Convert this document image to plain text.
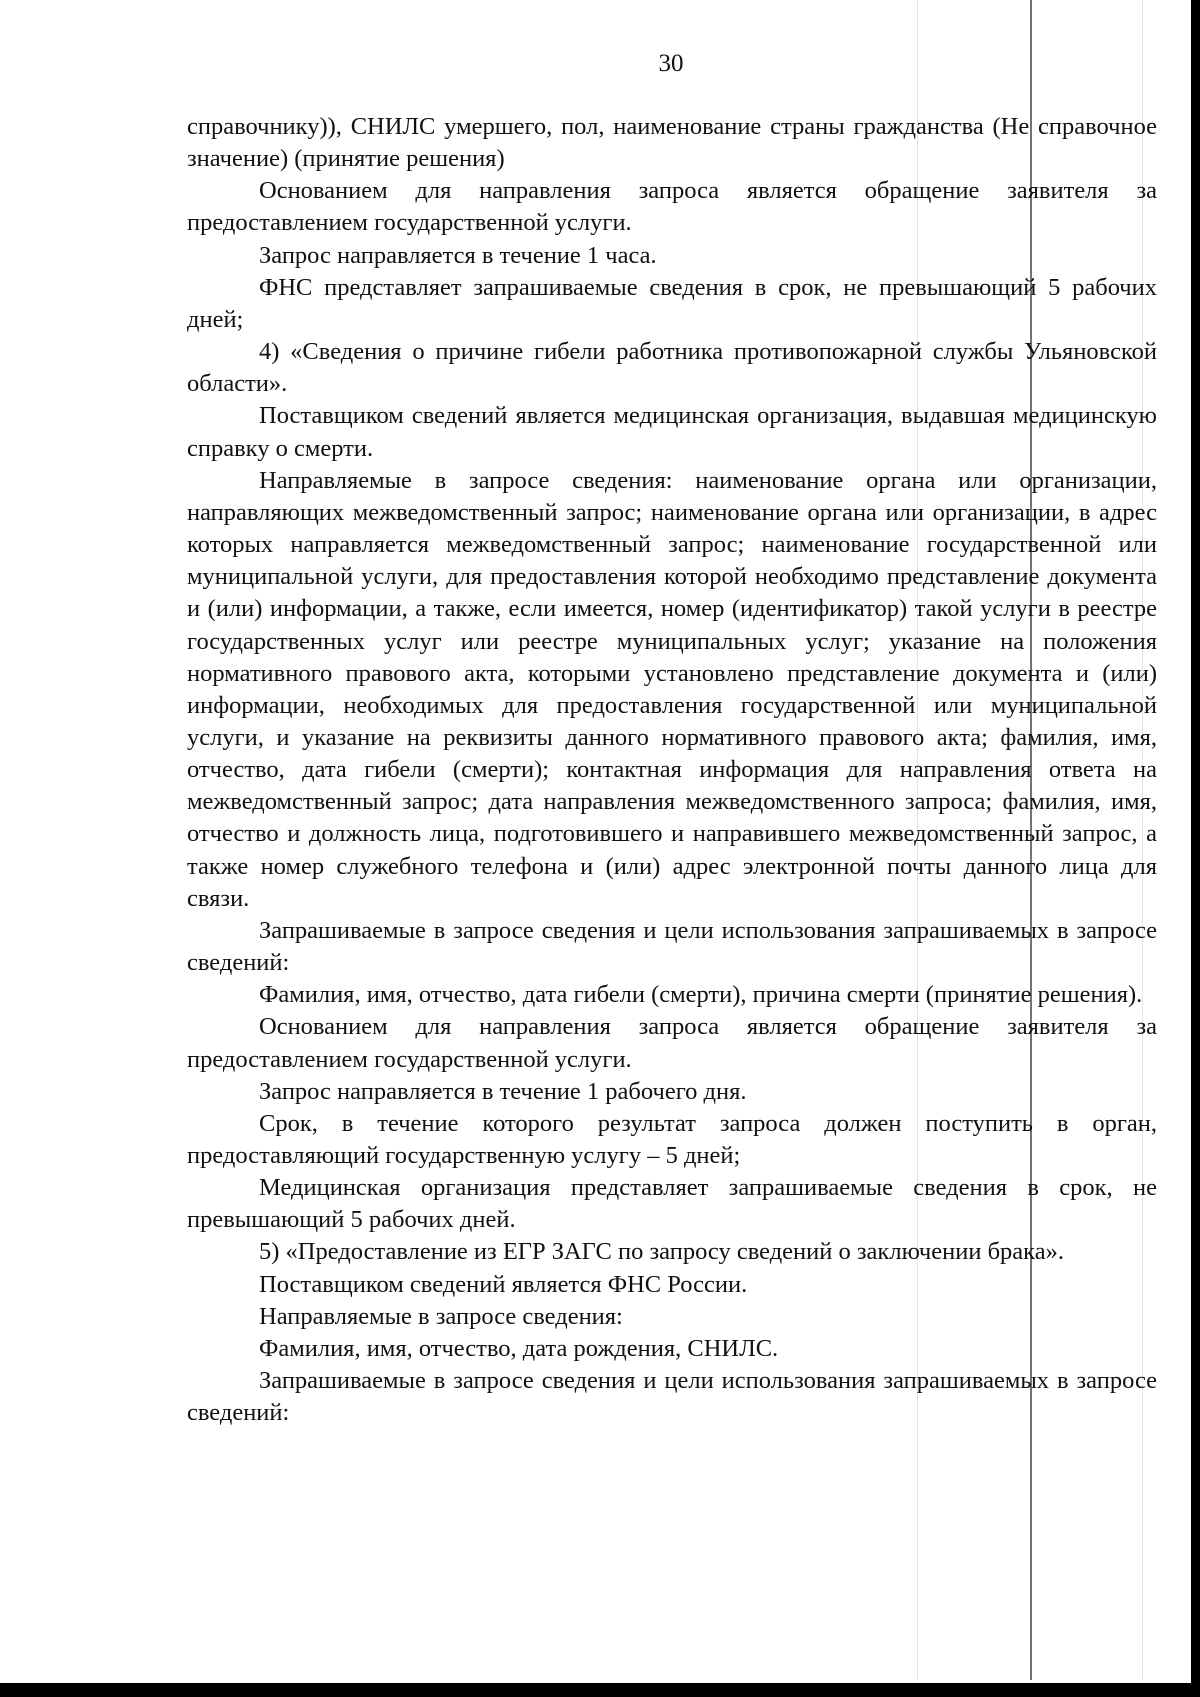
30

справочнику)), СНИЛС умершего, пол, наименование страны гражданства (Не справочное значение) (принятие решения)

Основанием для направления запроса является обращение заявителя за предоставлением государственной услуги.

Запрос направляется в течение 1 часа.

ФНС представляет запрашиваемые сведения в срок, не превышающий 5 рабочих дней;

4) «Сведения о причине гибели работника противопожарной службы Ульяновской области».

Поставщиком сведений является медицинская организация, выдавшая медицинскую справку о смерти.

Направляемые в запросе сведения: наименование органа или организации, направляющих межведомственный запрос; наименование органа или организации, в адрес которых направляется межведомственный запрос; наименование государственной или муниципальной услуги, для предоставления которой необходимо представление документа и (или) информации, а также, если имеется, номер (идентификатор) такой услуги в реестре государственных услуг или реестре муниципальных услуг; указание на положения нормативного правового акта, которыми установлено представление документа и (или) информации, необходимых для предоставления государственной или муниципальной услуги, и указание на реквизиты данного нормативного правового акта; фамилия, имя, отчество, дата гибели (смерти); контактная информация для направления ответа на межведомственный запрос; дата направления межведомственного запроса; фамилия, имя, отчество и должность лица, подготовившего и направившего межведомственный запрос, а также номер служебного телефона и (или) адрес электронной почты данного лица для связи.

Запрашиваемые в запросе сведения и цели использования запрашиваемых в запросе сведений:

Фамилия, имя, отчество, дата гибели (смерти), причина смерти (принятие решения).

Основанием для направления запроса является обращение заявителя за предоставлением государственной услуги.

Запрос направляется в течение 1 рабочего дня.

Срок, в течение которого результат запроса должен поступить в орган, предоставляющий государственную услугу – 5 дней;

Медицинская организация представляет запрашиваемые сведения в срок, не превышающий 5 рабочих дней.

5) «Предоставление из ЕГР ЗАГС по запросу сведений о заключении брака».

Поставщиком сведений является ФНС России.

Направляемые в запросе сведения:

Фамилия, имя, отчество, дата рождения, СНИЛС.

Запрашиваемые в запросе сведения и цели использования запрашиваемых в запросе сведений:
